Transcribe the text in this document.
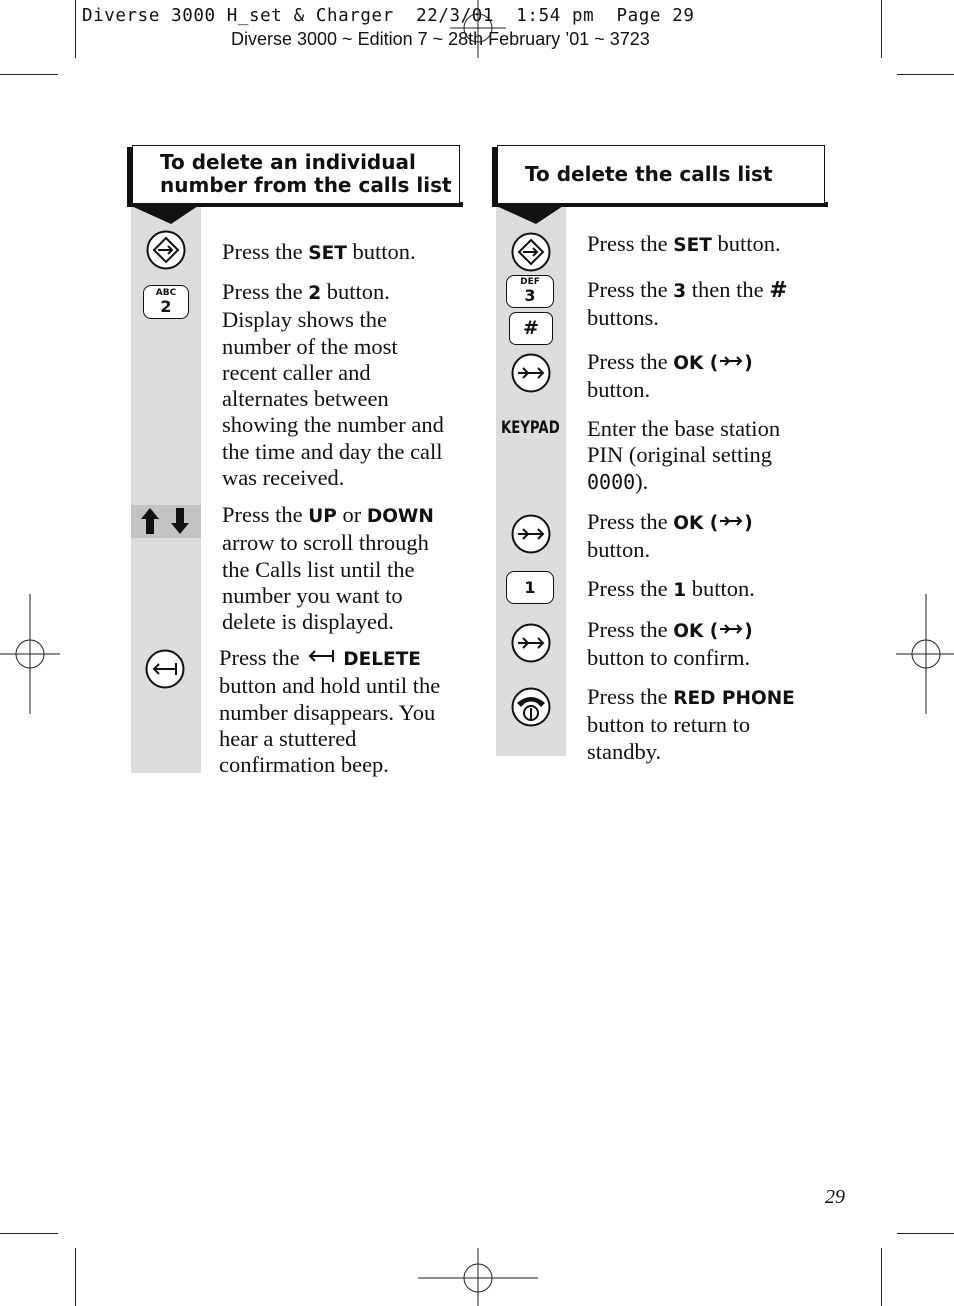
Diverse 3000 H_set & Charger  22/3/01  1:54 pm  Page 29
Diverse 3000 ~ Edition 7 ~ 28th February ’01 ~ 3723
To delete an individual
number from the calls list
ABC
2
Press the SET button.
Press the 2 button. Display shows the number of the most recent caller and alternates between showing the number and the time and day the call was received.
Press the UP or DOWN arrow to scroll through the Calls list until the number you want to delete is displayed.
Press the DELETE button and hold until the number disappears. You hear a stuttered confirmation beep.
To delete the calls list
DEF
3
#
KEYPAD
1
Press the SET button.
Press the 3 then the # buttons.
Press the OK ( )
button.
Enter the base station PIN (original setting 0000).
Press the OK ( )
button.
Press the 1 button.
Press the OK ( )
button to confirm.
Press the RED PHONE button to return to standby.
29
